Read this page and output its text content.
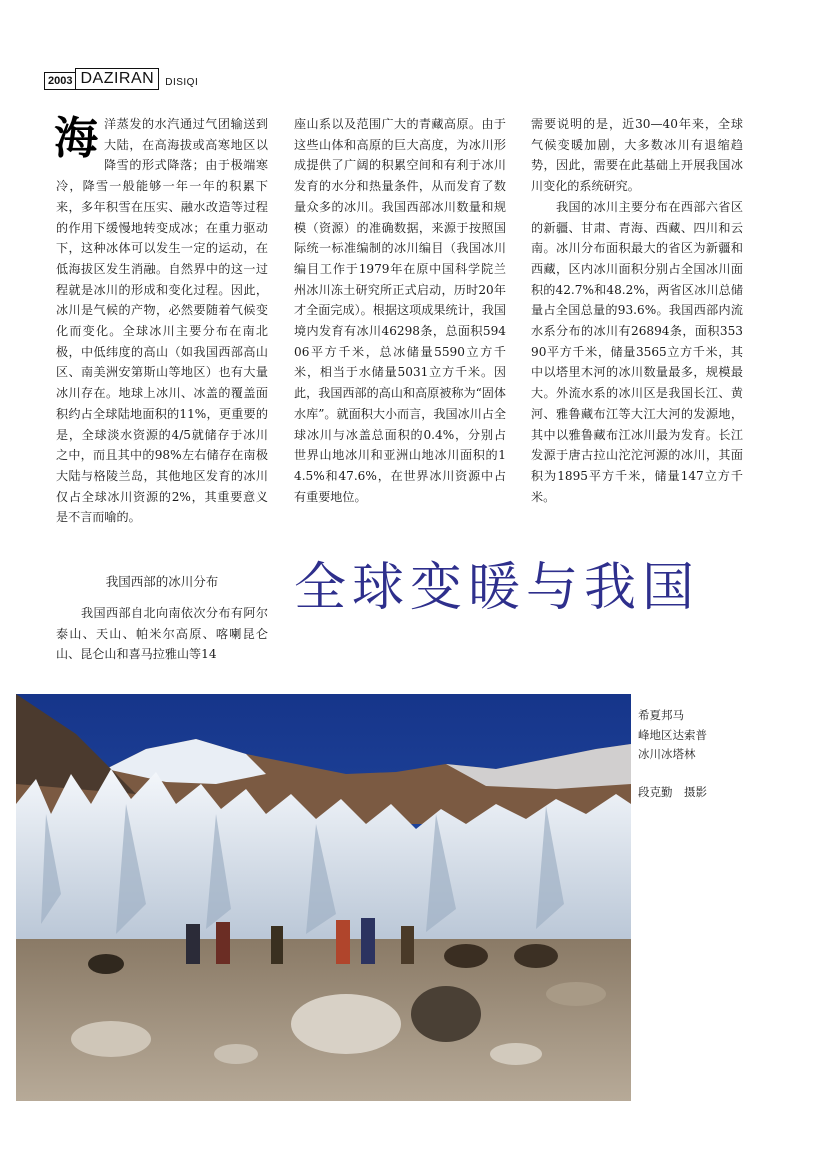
2003 DAZIRAN	DISIQI
海洋蒸发的水汽通过气团输送到大陆，在高海拔或高寒地区以降雪的形式降落；由于极端寒冷，降雪一般能够一年一年的积累下来，多年积雪在压实、融水改造等过程的作用下缓慢地转变成冰；在重力驱动下，这种冰体可以发生一定的运动，在低海拔区发生消融。自然界中的这一过程就是冰川的形成和变化过程。因此，冰川是气候的产物，必然要随着气候变化而变化。全球冰川主要分布在南北极，中低纬度的高山（如我国西部高山区、南美洲安第斯山等地区）也有大量冰川存在。地球上冰川、冰盖的覆盖面积约占全球陆地面积的11%，更重要的是，全球淡水资源的4/5就储存于冰川之中，而且其中的98%左右储存在南极大陆与格陵兰岛，其他地区发育的冰川仅占全球冰川资源的2%，其重要意义是不言而喻的。
我国西部的冰川分布
　　我国西部自北向南依次分布有阿尔泰山、天山、帕米尔高原、喀喇昆仑山、昆仑山和喜马拉雅山等14
座山系以及范围广大的青藏高原。由于这些山体和高原的巨大高度，为冰川形成提供了广阔的积累空间和有利于冰川发育的水分和热量条件，从而发育了数量众多的冰川。我国西部冰川数量和规模（资源）的准确数据，来源于按照国际统一标准编制的冰川编目（我国冰川编目工作于1979年在原中国科学院兰州冰川冻土研究所正式启动，历时20年才全面完成）。根据这项成果统计，我国境内发育有冰川46298条，总面积59406平方千米，总冰储量5590立方千米，相当于水储量5031立方千米。因此，我国西部的高山和高原被称为“固体水库”。就面积大小而言，我国冰川占全球冰川与冰盖总面积的0.4%，分别占世界山地冰川和亚洲山地冰川面积的14.5%和47.6%，在世界冰川资源中占有重要地位。
需要说明的是，近30—40年来，全球气候变暖加剧，大多数冰川有退缩趋势，因此，需要在此基础上开展我国冰川变化的系统研究。
　　我国的冰川主要分布在西部六省区的新疆、甘肃、青海、西藏、四川和云南。冰川分布面积最大的省区为新疆和西藏，区内冰川面积分别占全国冰川面积的42.7%和48.2%，两省区冰川总储量占全国总量的93.6%。我国西部内流水系分布的冰川有26894条，面积35390平方千米，储量3565立方千米，其中以塔里木河的冰川数量最多，规模最大。外流水系的冰川区是我国长江、黄河、雅鲁藏布江等大江大河的发源地，其中以雅鲁藏布江冰川最为发育。长江发源于唐古拉山沱沱河源的冰川，其面积为1895平方千米，储量147立方千米。
全球变暖与我国
希夏邦马
峰地区达索普
冰川冰塔林
段克勤　摄影
